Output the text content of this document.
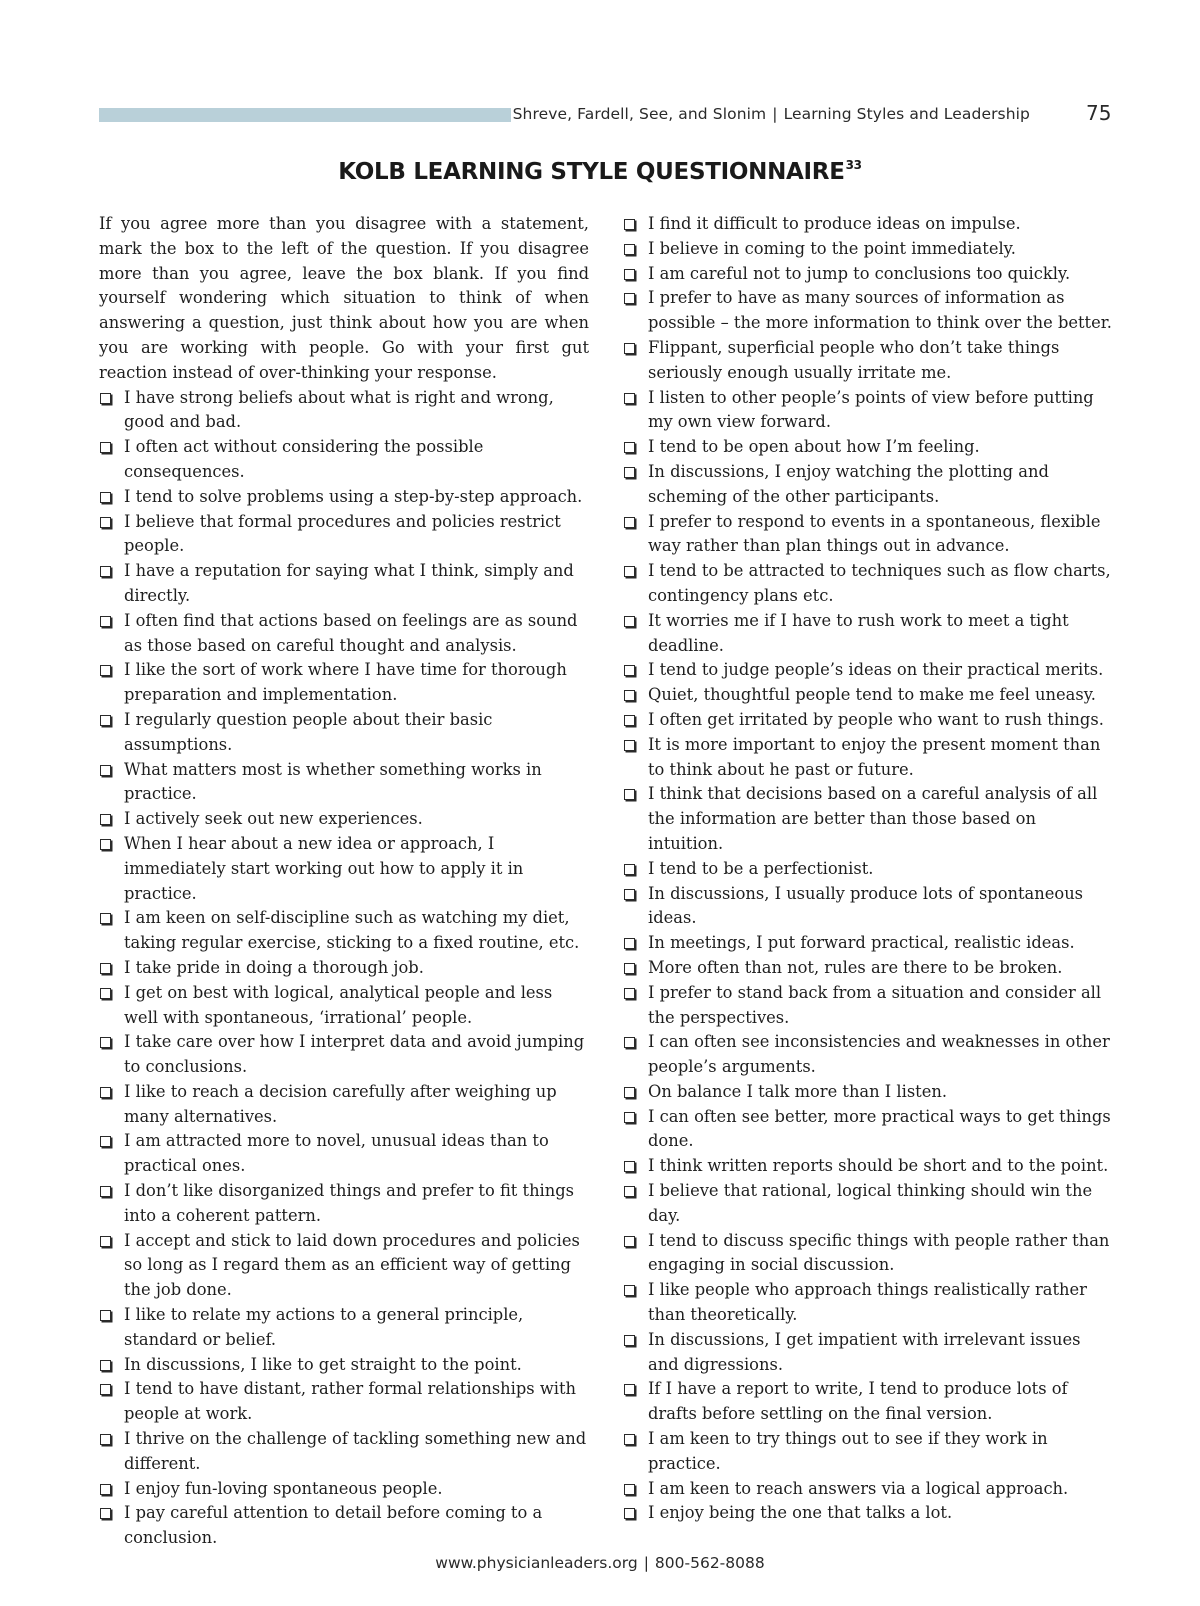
Shreve, Fardell, See, and Slonim | Learning Styles and Leadership	75
KOLB LEARNING STYLE QUESTIONNAIRE$^{33}$

If you agree more than you disagree with a statement, mark the box to the left of the question. If you disagree more than you agree, leave the box blank. If you find yourself wondering which situation to think of when answering a question, just think about how you are when you are working with people. Go with your first gut reaction instead of over-thinking your response.

I have strong beliefs about what is right and wrong, good and bad.
I often act without considering the possible consequences.
I tend to solve problems using a step-by-step approach.
I believe that formal procedures and policies restrict people.
I have a reputation for saying what I think, simply and directly.
I often find that actions based on feelings are as sound as those based on careful thought and analysis.
I like the sort of work where I have time for thorough preparation and implementation.
I regularly question people about their basic assumptions.
What matters most is whether something works in practice.
I actively seek out new experiences.
When I hear about a new idea or approach, I immediately start working out how to apply it in practice.
I am keen on self-discipline such as watching my diet, taking regular exercise, sticking to a fixed routine, etc.
I take pride in doing a thorough job.
I get on best with logical, analytical people and less well with spontaneous, ‘irrational’ people.
I take care over how I interpret data and avoid jumping to conclusions.
I like to reach a decision carefully after weighing up many alternatives.
I am attracted more to novel, unusual ideas than to practical ones.
I don’t like disorganized things and prefer to fit things into a coherent pattern.
I accept and stick to laid down procedures and policies so long as I regard them as an efficient way of getting the job done.
I like to relate my actions to a general principle, standard or belief.
In discussions, I like to get straight to the point.
I tend to have distant, rather formal relationships with people at work.
I thrive on the challenge of tackling something new and different.
I enjoy fun-loving spontaneous people.
I pay careful attention to detail before coming to a conclusion.
I find it difficult to produce ideas on impulse.
I believe in coming to the point immediately.
I am careful not to jump to conclusions too quickly.
I prefer to have as many sources of information as possible – the more information to think over the better.
Flippant, superficial people who don’t take things seriously enough usually irritate me.
I listen to other people’s points of view before putting my own view forward.
I tend to be open about how I’m feeling.
In discussions, I enjoy watching the plotting and scheming of the other participants.
I prefer to respond to events in a spontaneous, flexible way rather than plan things out in advance.
I tend to be attracted to techniques such as flow charts, contingency plans etc.
It worries me if I have to rush work to meet a tight deadline.
I tend to judge people’s ideas on their practical merits.
Quiet, thoughtful people tend to make me feel uneasy.
I often get irritated by people who want to rush things.
It is more important to enjoy the present moment than to think about he past or future.
I think that decisions based on a careful analysis of all the information are better than those based on intuition.
I tend to be a perfectionist.
In discussions, I usually produce lots of spontaneous ideas.
In meetings, I put forward practical, realistic ideas.
More often than not, rules are there to be broken.
I prefer to stand back from a situation and consider all the perspectives.
I can often see inconsistencies and weaknesses in other people’s arguments.
On balance I talk more than I listen.
I can often see better, more practical ways to get things done.
I think written reports should be short and to the point.
I believe that rational, logical thinking should win the day.
I tend to discuss specific things with people rather than engaging in social discussion.
I like people who approach things realistically rather than theoretically.
In discussions, I get impatient with irrelevant issues and digressions.
If I have a report to write, I tend to produce lots of drafts before settling on the final version.
I am keen to try things out to see if they work in practice.
I am keen to reach answers via a logical approach.
I enjoy being the one that talks a lot.
www.physicianleaders.org | 800-562-8088
